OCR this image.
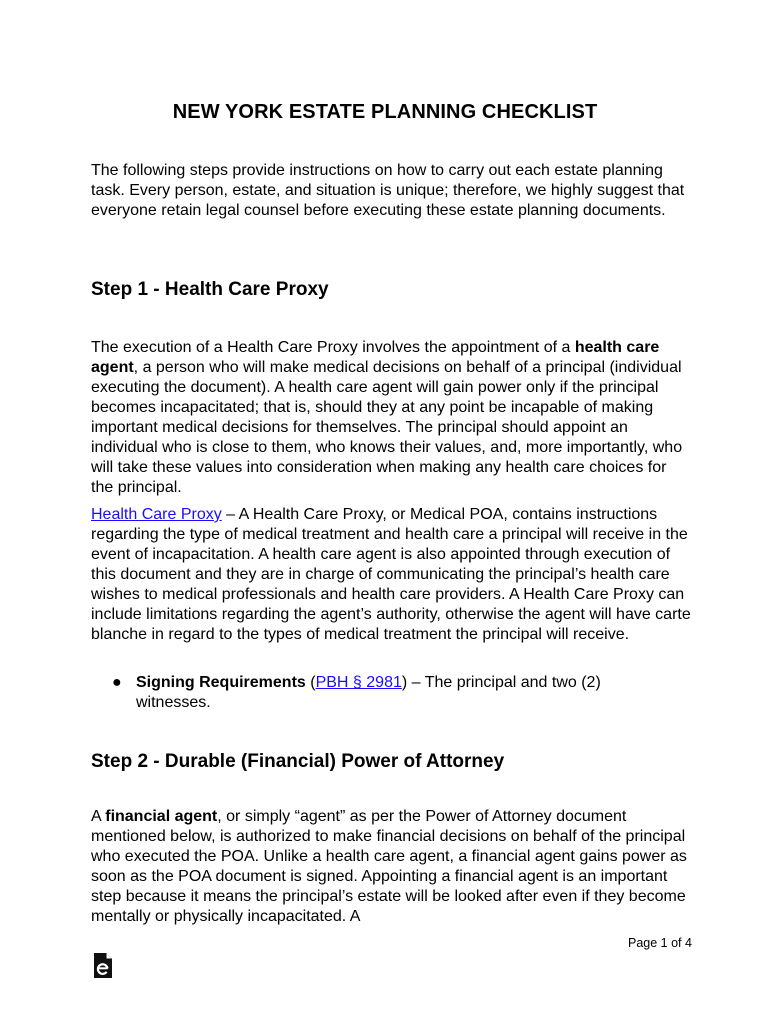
NEW YORK ESTATE PLANNING CHECKLIST
The following steps provide instructions on how to carry out each estate planning task. Every person, estate, and situation is unique; therefore, we highly suggest that everyone retain legal counsel before executing these estate planning documents.
Step 1 - Health Care Proxy
The execution of a Health Care Proxy involves the appointment of a health care agent, a person who will make medical decisions on behalf of a principal (individual executing the document). A health care agent will gain power only if the principal becomes incapacitated; that is, should they at any point be incapable of making important medical decisions for themselves. The principal should appoint an individual who is close to them, who knows their values, and, more importantly, who will take these values into consideration when making any health care choices for the principal.
Health Care Proxy – A Health Care Proxy, or Medical POA, contains instructions regarding the type of medical treatment and health care a principal will receive in the event of incapacitation. A health care agent is also appointed through execution of this document and they are in charge of communicating the principal’s health care wishes to medical professionals and health care providers. A Health Care Proxy can include limitations regarding the agent’s authority, otherwise the agent will have carte blanche in regard to the types of medical treatment the principal will receive.
● Signing Requirements (PBH § 2981) – The principal and two (2) witnesses.
Step 2 - Durable (Financial) Power of Attorney
A financial agent, or simply “agent” as per the Power of Attorney document mentioned below, is authorized to make financial decisions on behalf of the principal who executed the POA. Unlike a health care agent, a financial agent gains power as soon as the POA document is signed. Appointing a financial agent is an important step because it means the principal’s estate will be looked after even if they become mentally or physically incapacitated. A
Page 1 of 4
